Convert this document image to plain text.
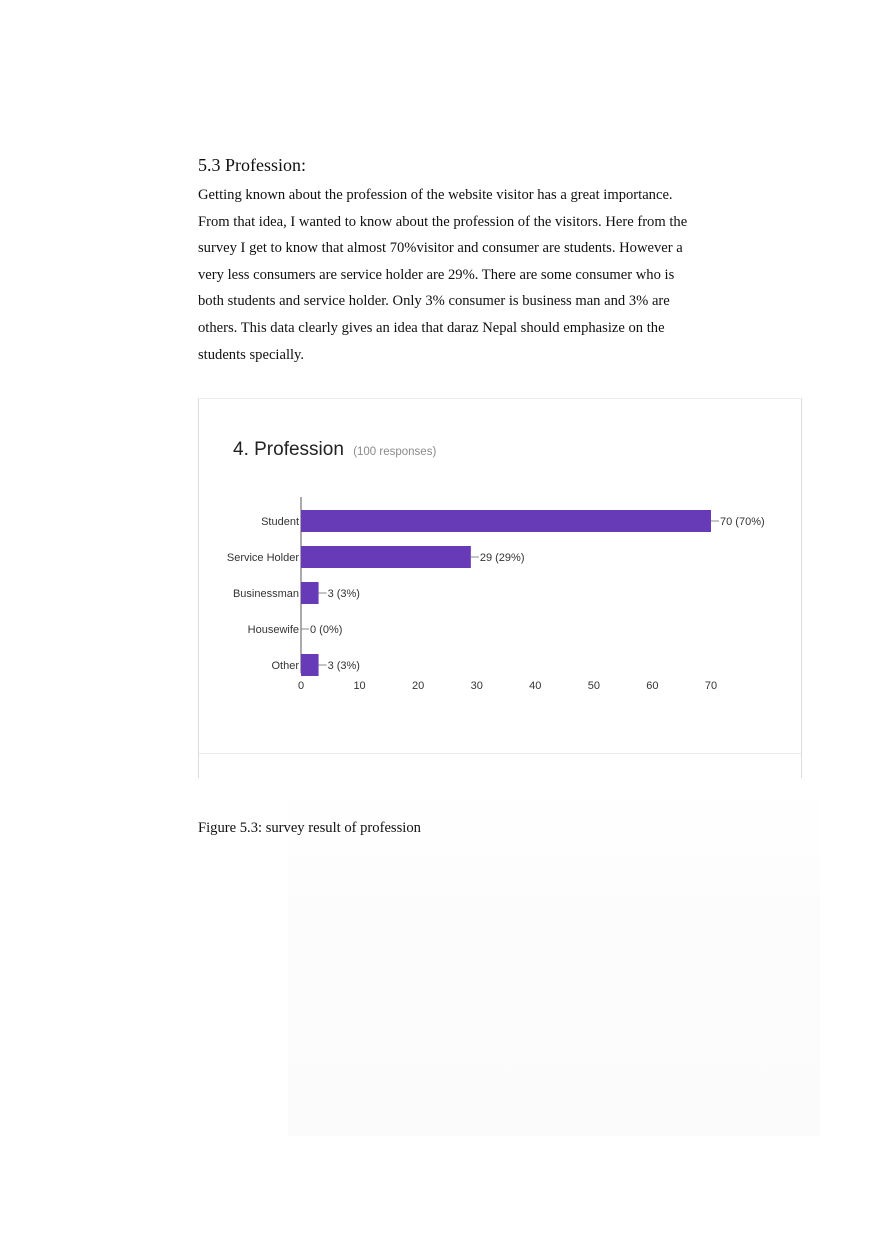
5.3 Profession:

Getting known about the profession of the website visitor has a great importance.

From that idea, I wanted to know about the profession of the visitors. Here from the

survey I get to know that almost 70%visitor and consumer are students. However a

very less consumers are service holder are 29%. There are some consumer who is

both students and service holder. Only 3% consumer is business man and 3% are

others. This data clearly gives an idea that daraz Nepal should emphasize on the

students specially.

4. Profession (100 responses)
Student	70 (70%)
Service Holder	29 (29%)
Businessman	3 (3%)
Housewife 0 (0%)
Other	3 (3%)
0	10	20	30	40	50	60	70
Figure 5.3: survey result of profession
